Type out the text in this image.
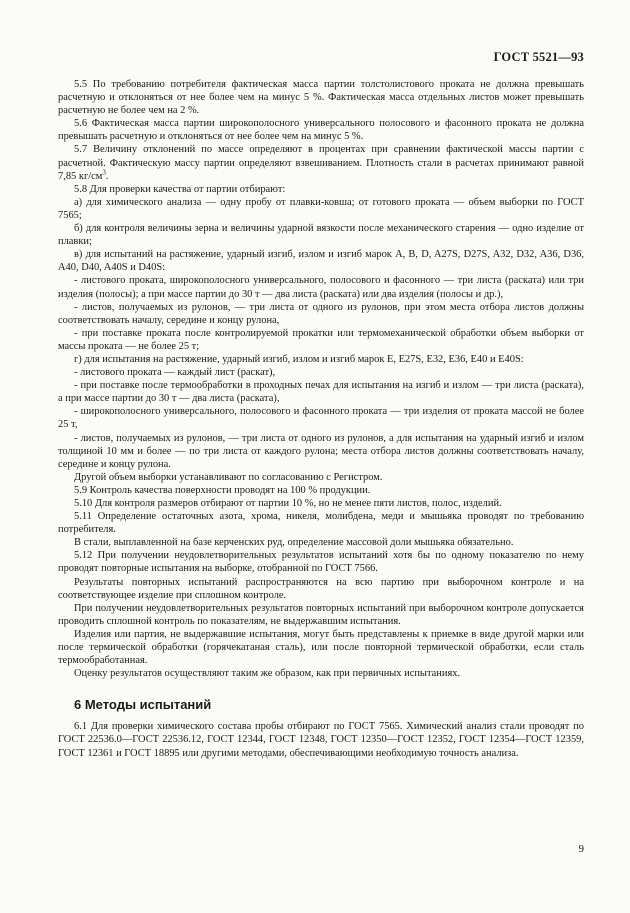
ГОСТ 5521—93

5.5 По требованию потребителя фактическая масса партии толстолистового проката не должна превышать расчетную и отклоняться от нее более чем на минус 5 %. Фактическая масса отдельных листов может превышать расчетную не более чем на 2 %.

5.6 Фактическая масса партии широкополосного универсального полосового и фасонного проката не должна превышать расчетную и отклоняться от нее более чем на минус 5 %.

5.7 Величину отклонений по массе определяют в процентах при сравнении фактической массы партии с расчетной. Фактическую массу партии определяют взвешиванием. Плотность стали в расчетах принимают равной 7,85 $кг/см^3$.

5.8 Для проверки качества от партии отбирают:

а) для химического анализа — одну пробу от плавки-ковша; от готового проката — объем выборки по ГОСТ 7565;

б) для контроля величины зерна и величины ударной вязкости после механического старения — одно изделие от плавки;

в) для испытаний на растяжение, ударный изгиб, излом и изгиб марок А, В, D, A27S, D27S, A32, D32, A36, D36, A40, D40, A40S и D40S:

- листового проката, широкополосного универсального, полосового и фасонного — три листа (раската) или три изделия (полосы); а при массе партии до 30 т — два листа (раската) или два изделия (полосы и др.),

- листов, получаемых из рулонов, — три листа от одного из рулонов, при этом места отбора листов должны соответствовать началу, середине и концу рулона,

- при поставке проката после контролируемой прокатки или термомеханической обработки объем выборки от массы проката — не более 25 т;

г) для испытания на растяжение, ударный изгиб, излом и изгиб марок E, E27S, E32, E36, E40 и E40S:

- листового проката — каждый лист (раскат),

- при поставке после термообработки в проходных печах для испытания на изгиб и излом — три листа (раската), а при массе партии до 30 т — два листа (раската),

- широкополосного универсального, полосового и фасонного проката — три изделия от проката массой не более 25 т,

- листов, получаемых из рулонов, — три листа от одного из рулонов, а для испытания на ударный изгиб и излом толщиной 10 мм и более — по три листа от каждого рулона; места отбора листов должны соответствовать началу, середине и концу рулона.

Другой объем выборки устанавливают по согласованию с Регистром.

5.9 Контроль качества поверхности проводят на 100 % продукции.

5.10 Для контроля размеров отбирают от партии 10 %, но не менее пяти листов, полос, изделий.

5.11 Определение остаточных азота, хрома, никеля, молибдена, меди и мышьяка проводят по требованию потребителя.

В стали, выплавленной на базе керченских руд, определение массовой доли мышьяка обязательно.

5.12 При получении неудовлетворительных результатов испытаний хотя бы по одному показателю по нему проводят повторные испытания на выборке, отобранной по ГОСТ 7566.

Результаты повторных испытаний распространяются на всю партию при выборочном контроле и на соответствующее изделие при сплошном контроле.

При получении неудовлетворительных результатов повторных испытаний при выборочном контроле допускается проводить сплошной контроль по показателям, не выдержавшим испытания.

Изделия или партия, не выдержавшие испытания, могут быть представлены к приемке в виде другой марки или после термической обработки (горячекатаная сталь), или после повторной термической обработки, если сталь термообработанная.

Оценку результатов осуществляют таким же образом, как при первичных испытаниях.

6 Методы испытаний

6.1 Для проверки химического состава пробы отбирают по ГОСТ 7565. Химический анализ стали проводят по ГОСТ 22536.0—ГОСТ 22536.12, ГОСТ 12344, ГОСТ 12348, ГОСТ 12350—ГОСТ 12352, ГОСТ 12354—ГОСТ 12359, ГОСТ 12361 и ГОСТ 18895 или другими методами, обеспечивающими необходимую точность анализа.

9
